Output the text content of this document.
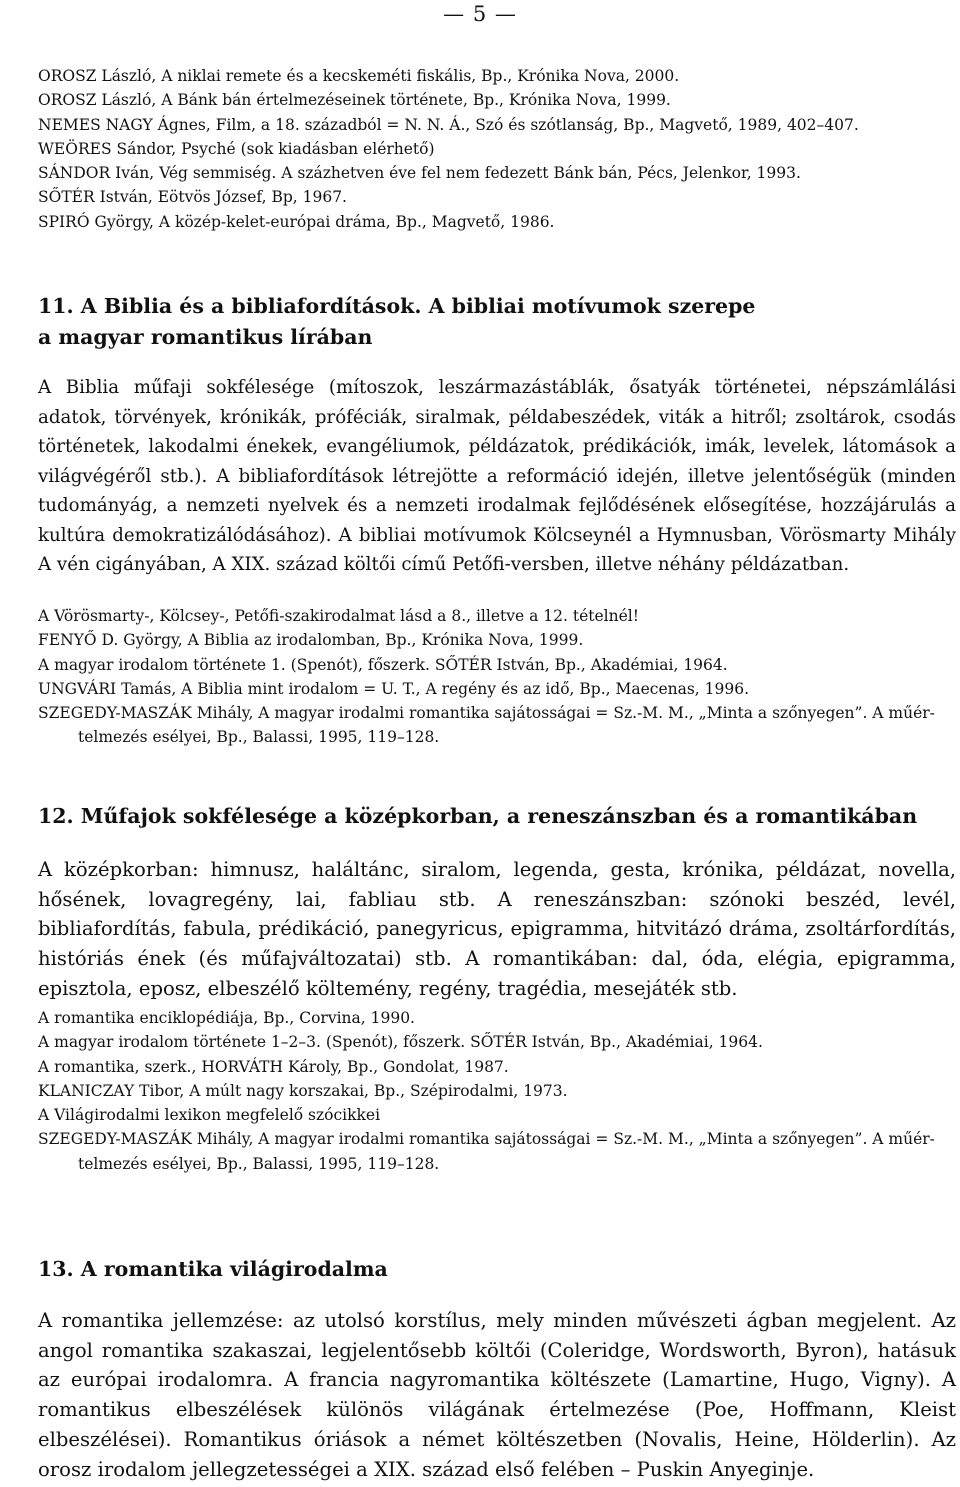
— 5 —

OROSZ László, A niklai remete és a kecskeméti fiskális, Bp., Krónika Nova, 2000.

OROSZ László, A Bánk bán értelmezéseinek története, Bp., Krónika Nova, 1999.

NEMES NAGY Ágnes, Film, a 18. századból = N. N. Á., Szó és szótlanság, Bp., Magvető, 1989, 402–407.

WEÖRES Sándor, Psyché (sok kiadásban elérhető)

SÁNDOR Iván, Vég semmiség. A százhetven éve fel nem fedezett Bánk bán, Pécs, Jelenkor, 1993.

SŐTÉR István, Eötvös József, Bp, 1967.

SPIRÓ György, A közép-kelet-európai dráma, Bp., Magvető, 1986.

11. A Biblia és a bibliafordítások. A bibliai motívumok szerepe

a magyar romantikus lírában

A Biblia műfaji sokfélesége (mítoszok, leszármazástáblák, ősatyák történetei, népszámlálási adatok, törvények, krónikák, próféciák, siralmak, példabeszédek, viták a hitről; zsoltárok, csodás történetek, lakodalmi énekek, evangéliumok, példázatok, prédikációk, imák, levelek, látomások a világvégéről stb.). A bibliafordítások létrejötte a reformáció idején, illetve jelentőségük (minden tudományág, a nemzeti nyelvek és a nemzeti irodalmak fejlődésének elősegítése, hozzájárulás a kultúra demokratizálódásához). A bibliai motívumok Kölcseynél a Hymnusban, Vörösmarty Mihály A vén cigányában, A XIX. század költői című Petőfi-versben, illetve néhány példázatban.

A Vörösmarty-, Kölcsey-, Petőfi-szakirodalmat lásd a 8., illetve a 12. tételnél!

FENYŐ D. György, A Biblia az irodalomban, Bp., Krónika Nova, 1999.

A magyar irodalom története 1. (Spenót), főszerk. SŐTÉR István, Bp., Akadémiai, 1964.

UNGVÁRI Tamás, A Biblia mint irodalom = U. T., A regény és az idő, Bp., Maecenas, 1996.

SZEGEDY-MASZÁK Mihály, A magyar irodalmi romantika sajátosságai = Sz.-M. M., „Minta a szőnyegen”. A műér-

telmezés esélyei, Bp., Balassi, 1995, 119–128.

12. Műfajok sokfélesége a középkorban, a reneszánszban és a romantikában

A középkorban: himnusz, haláltánc, siralom, legenda, gesta, krónika, példázat, novella, hősének, lovagregény, lai, fabliau stb. A reneszánszban: szónoki beszéd, levél, bibliafordítás, fabula, prédikáció, panegyricus, epigramma, hitvitázó dráma, zsoltárfordítás, históriás ének (és műfajváltozatai) stb. A romantikában: dal, óda, elégia, epigramma, episztola, eposz, elbeszélő költemény, regény, tragédia, mesejáték stb.

A romantika enciklopédiája, Bp., Corvina, 1990.

A magyar irodalom története 1–2–3. (Spenót), főszerk. SŐTÉR István, Bp., Akadémiai, 1964.

A romantika, szerk., HORVÁTH Károly, Bp., Gondolat, 1987.

KLANICZAY Tibor, A múlt nagy korszakai, Bp., Szépirodalmi, 1973.

A Világirodalmi lexikon megfelelő szócikkei

SZEGEDY-MASZÁK Mihály, A magyar irodalmi romantika sajátosságai = Sz.-M. M., „Minta a szőnyegen”. A műér-

telmezés esélyei, Bp., Balassi, 1995, 119–128.

13. A romantika világirodalma

A romantika jellemzése: az utolsó korstílus, mely minden művészeti ágban megjelent. Az angol romantika szakaszai, legjelentősebb költői (Coleridge, Wordsworth, Byron), hatásuk az európai irodalomra. A francia nagyromantika költészete (Lamartine, Hugo, Vigny). A romantikus elbeszélések különös világának értelmezése (Poe, Hoffmann, Kleist elbeszélései). Romantikus óriások a német költészetben (Novalis, Heine, Hölderlin). Az orosz irodalom jellegzetességei a XIX. század első felében – Puskin Anyeginje.
